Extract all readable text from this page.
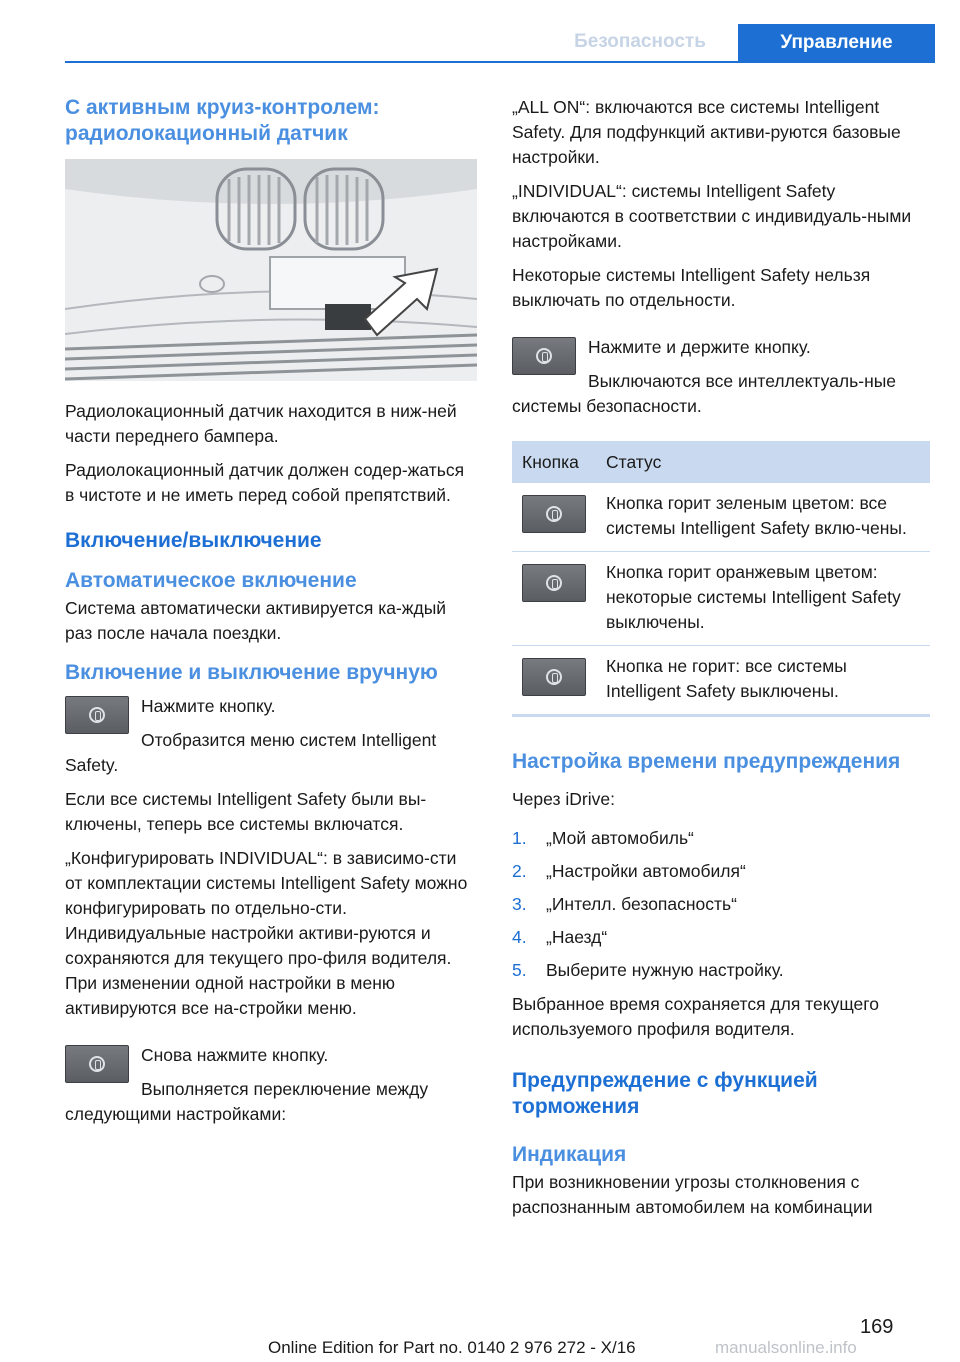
Безопасность	Управление
С активным круиз-контролем: радиолокационный датчик

Радиолокационный датчик находится в ниж-ней части переднего бампера.

Радиолокационный датчик должен содер-жаться в чистоте и не иметь перед собой препятствий.

Включение/выключение
Автоматическое включение

Система автоматически активируется ка-ждый раз после начала поездки.

Включение и выключение вручную

Нажмите кнопку.

Отобразится меню систем Intelligent Safety.

Если все системы Intelligent Safety были вы-ключены, теперь все системы включатся.

„Конфигурировать INDIVIDUAL“: в зависимо-сти от комплектации системы Intelligent Safety можно конфигурировать по отдельно-сти. Индивидуальные настройки активи-руются и сохраняются для текущего про-филя водителя. При изменении одной настройки в меню активируются все на-стройки меню.

Снова нажмите кнопку.

Выполняется переключение между следующими настройками:

„ALL ON“: включаются все системы Intelligent Safety. Для подфункций активи-руются базовые настройки.

„INDIVIDUAL“: системы Intelligent Safety включаются в соответствии с индивидуаль-ными настройками.

Некоторые системы Intelligent Safety нельзя выключать по отдельности.

Нажмите и держите кнопку.

Выключаются все интеллектуаль-ные системы безопасности.

Кнопка	Статус

	Кнопка горит зеленым цветом: все системы Intelligent Safety вклю-чены.

	Кнопка горит оранжевым цветом: некоторые системы Intelligent Safety выключены.

	Кнопка не горит: все системы Intelligent Safety выключены.
Настройка времени предупреждения

Через iDrive:

1.	„Мой автомобиль“
2.	„Настройки автомобиля“
3.	„Интелл. безопасность“
4.	„Наезд“
5.	Выберите нужную настройку.

Выбранное время сохраняется для текущего используемого профиля водителя.

Предупреждение с функцией торможения
Индикация

При возникновении угрозы столкновения с распознанным автомобилем на комбинации

169
Online Edition for Part no. 0140 2 976 272 - X/16	manualsonline.info
